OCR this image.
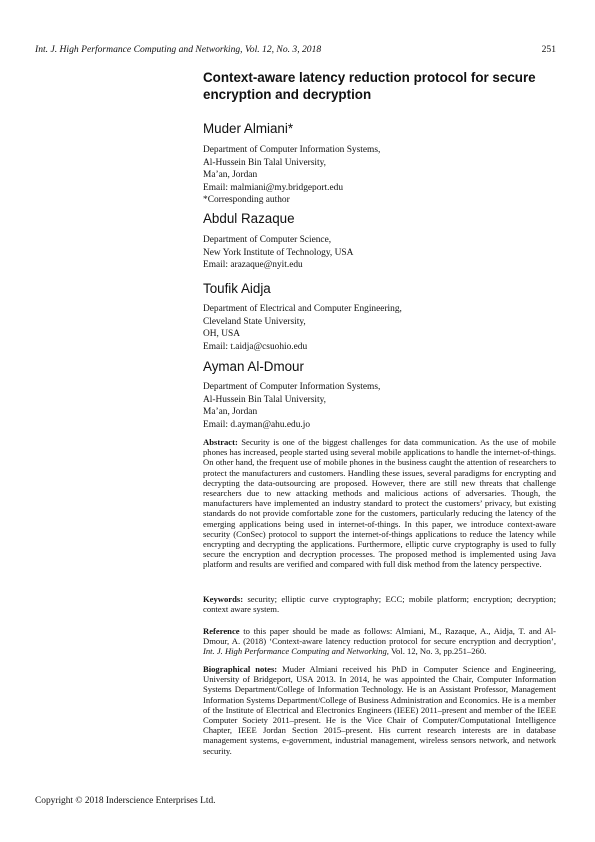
Int. J. High Performance Computing and Networking, Vol. 12, No. 3, 2018	251
Context-aware latency reduction protocol for secure
encryption and decryption
Muder Almiani*
Department of Computer Information Systems,
Al-Hussein Bin Talal University,
Ma’an, Jordan
Email: malmiani@my.bridgeport.edu
*Corresponding author
Abdul Razaque
Department of Computer Science,
New York Institute of Technology, USA
Email: arazaque@nyit.edu
Toufik Aidja
Department of Electrical and Computer Engineering,
Cleveland State University,
OH, USA
Email: t.aidja@csuohio.edu
Ayman Al-Dmour
Department of Computer Information Systems,
Al-Hussein Bin Talal University,
Ma’an, Jordan
Email: d.ayman@ahu.edu.jo
Abstract: Security is one of the biggest challenges for data communication. As the use of mobile phones has increased, people started using several mobile applications to handle the internet-of-things. On other hand, the frequent use of mobile phones in the business caught the attention of researchers to protect the manufacturers and customers. Handling these issues, several paradigms for encrypting and decrypting the data-outsourcing are proposed. However, there are still new threats that challenge researchers due to new attacking methods and malicious actions of adversaries. Though, the manufacturers have implemented an industry standard to protect the customers’ privacy, but existing standards do not provide comfortable zone for the customers, particularly reducing the latency of the emerging applications being used in internet-of-things. In this paper, we introduce context-aware security (ConSec) protocol to support the internet-of-things applications to reduce the latency while encrypting and decrypting the applications. Furthermore, elliptic curve cryptography is used to fully secure the encryption and decryption processes. The proposed method is implemented using Java platform and results are verified and compared with full disk method from the latency perspective.
Keywords: security; elliptic curve cryptography; ECC; mobile platform; encryption; decryption; context aware system.
Reference to this paper should be made as follows: Almiani, M., Razaque, A., Aidja, T. and Al-Dmour, A. (2018) ‘Context-aware latency reduction protocol for secure encryption and decryption’, Int. J. High Performance Computing and Networking, Vol. 12, No. 3, pp.251–260.
Biographical notes: Muder Almiani received his PhD in Computer Science and Engineering, University of Bridgeport, USA 2013. In 2014, he was appointed the Chair, Computer Information Systems Department/College of Information Technology. He is an Assistant Professor, Management Information Systems Department/College of Business Administration and Economics. He is a member of the Institute of Electrical and Electronics Engineers (IEEE) 2011–present and member of the IEEE Computer Society 2011–present. He is the Vice Chair of Computer/Computational Intelligence Chapter, IEEE Jordan Section 2015–present. His current research interests are in database management systems, e-government, industrial management, wireless sensors network, and network security.
Copyright © 2018 Inderscience Enterprises Ltd.
